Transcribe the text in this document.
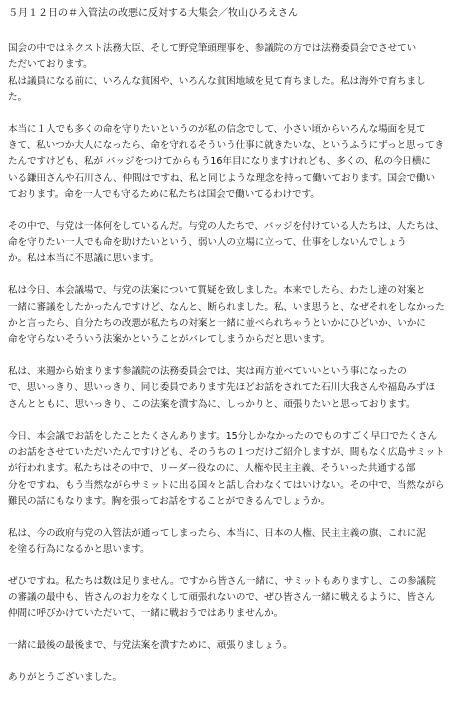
５月１２日の＃入管法の改悪に反対する大集会／牧山ひろえさん
国会の中ではネクスト法務大臣、そして野党筆頭理事を、参議院の方では法務委員会でさせてい
ただいております。
私は議員になる前に、いろんな貧困や、いろんな貧困地域を見て育ちました。私は海外で育ちまし
た。
本当に１人でも多くの命を守りたいというのが私の信念でして、小さい頃からいろんな場面を見て
きて、私いつか大人になったら、命を守れるそういう仕事に就きたいな、というふうにずっと思ってき
たんですけども、私が バッジをつけてからもう16年目になりますけれども、多くの、私の今日横に
いる鎌田さんや石川さん、仲間はですね、私と同じような理念を持って働いております。国会で働い
ております。命を一人でも守るために私たちは国会で働いてるわけです。
その中で、与党は一体何をしているんだ。与党の人たちで、バッジを付けている人たちは、人たちは、
命を守りたい一人でも命を助けたいという、弱い人の立場に立って、仕事をしないんでしょう
か。私は本当に不思議に思います。
私は今日、本会議場で、与党の法案について質疑を致しました。本来でしたら、わたし達の対案と
一緒に審議をしたかったんですけど、なんと、断られました。私、いま思うと、なぜそれをしなかった
かと言ったら、自分たちの改悪が私たちの対案と一緒に並べられちゃうといかにひどいか、いかに
命を守らないそういう法案かということがバレてしまうからだと思います。
私は、来週から始まります参議院の法務委員会では、実は両方並べていいという事になったの
で、思いっきり、思いっきり、同じ委員であります先ほどお話をされてた石川大我さんや福島みずほ
さんとともに、思いっきり、この法案を潰す為に、しっかりと、頑張りたいと思っております。
今日、本会議でお話をしたことたくさんあります。15分しかなかったのでものすごく早口でたくさん
のお話をさせていただいたんですけども、そのうちの１つだけご紹介しますが、間もなく広島サミット
が行われます。私たちはその中で、リーダー役なのに、人権や民主主義、そういった共通する部
分をですね、もう当然ながらサミットに出る国々と話し合わなくてはいけない。その中で、当然ながら
難民の話にもなります。胸を張ってお話をすることができるんでしょうか。
私は、今の政府与党の入管法が通ってしまったら、本当に、日本の人権、民主主義の旗、これに泥
を塗る行為になるかと思います。
ぜひですね。私たちは数は足りません。ですから皆さん一緒に、サミットもありますし、この参議院
の審議の最中も、皆さんのお力をなくして頑張れないので、ぜひ皆さん一緒に戦えるように、皆さん
仲間に呼びかけていただいて、一緒に戦おうではありませんか。
一緒に最後の最後まで、与党法案を潰すために、頑張りましょう。
ありがとうございました。
